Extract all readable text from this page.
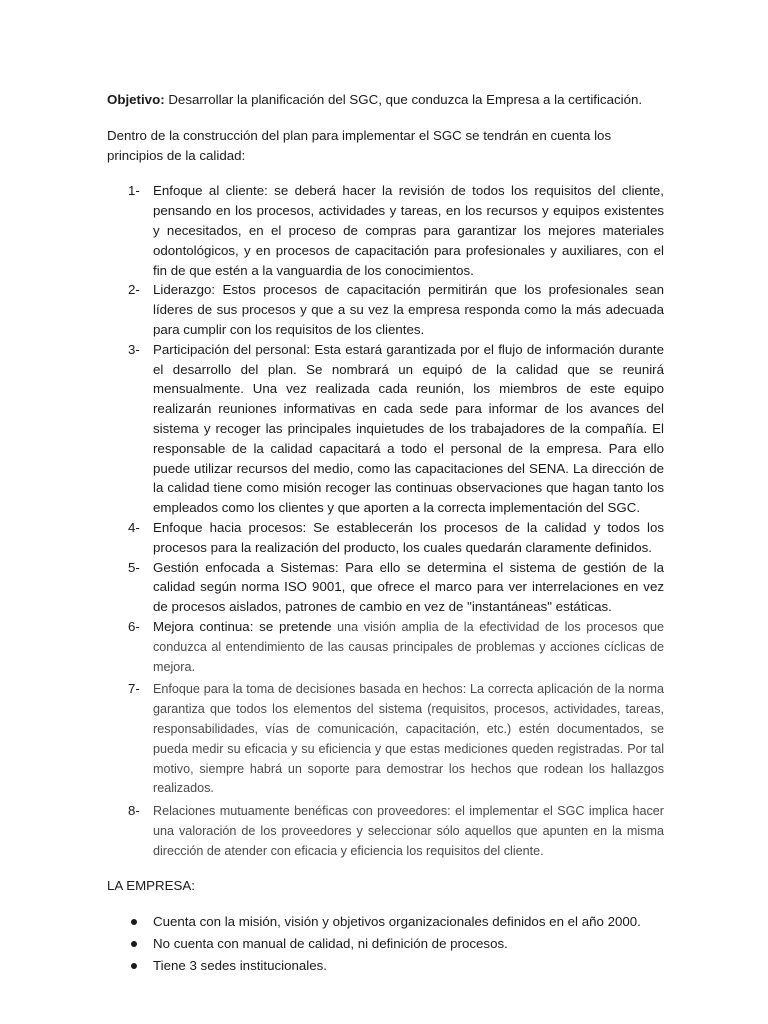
Objetivo: Desarrollar la planificación del SGC, que conduzca la Empresa a la certificación.

Dentro de la construcción del plan para implementar el SGC se tendrán en cuenta los principios de la calidad:

1- Enfoque al cliente: se deberá hacer la revisión de todos los requisitos del cliente, pensando en los procesos, actividades y tareas, en los recursos y equipos existentes y necesitados, en el proceso de compras para garantizar los mejores materiales odontológicos, y en procesos de capacitación para profesionales y auxiliares, con el fin de que estén a la vanguardia de los conocimientos.
2- Liderazgo: Estos procesos de capacitación permitirán que los profesionales sean líderes de sus procesos y que a su vez la empresa responda como la más adecuada para cumplir con los requisitos de los clientes.
3- Participación del personal: Esta estará garantizada por el flujo de información durante el desarrollo del plan. Se nombrará un equipó de la calidad que se reunirá mensualmente. Una vez realizada cada reunión, los miembros de este equipo realizarán reuniones informativas en cada sede para informar de los avances del sistema y recoger las principales inquietudes de los trabajadores de la compañía. El responsable de la calidad capacitará a todo el personal de la empresa. Para ello puede utilizar recursos del medio, como las capacitaciones del SENA. La dirección de la calidad tiene como misión recoger las continuas observaciones que hagan tanto los empleados como los clientes y que aporten a la correcta implementación del SGC.
4- Enfoque hacia procesos: Se establecerán los procesos de la calidad y todos los procesos para la realización del producto, los cuales quedarán claramente definidos.
5- Gestión enfocada a Sistemas: Para ello se determina el sistema de gestión de la calidad según norma ISO 9001, que ofrece el marco para ver interrelaciones en vez de procesos aislados, patrones de cambio en vez de "instantáneas" estáticas.
6- Mejora continua: se pretende una visión amplia de la efectividad de los procesos que conduzca al entendimiento de las causas principales de problemas y acciones cíclicas de mejora.
7- Enfoque para la toma de decisiones basada en hechos: La correcta aplicación de la norma garantiza que todos los elementos del sistema (requisitos, procesos, actividades, tareas, responsabilidades, vías de comunicación, capacitación, etc.) estén documentados, se pueda medir su eficacia y su eficiencia y que estas mediciones queden registradas. Por tal motivo, siempre habrá un soporte para demostrar los hechos que rodean los hallazgos realizados.
8- Relaciones mutuamente benéficas con proveedores: el implementar el SGC implica hacer una valoración de los proveedores y seleccionar sólo aquellos que apunten en la misma dirección de atender con eficacia y eficiencia los requisitos del cliente.

LA EMPRESA:

Cuenta con la misión, visión y objetivos organizacionales definidos en el año 2000.
No cuenta con manual de calidad, ni definición de procesos.
Tiene 3 sedes institucionales.
